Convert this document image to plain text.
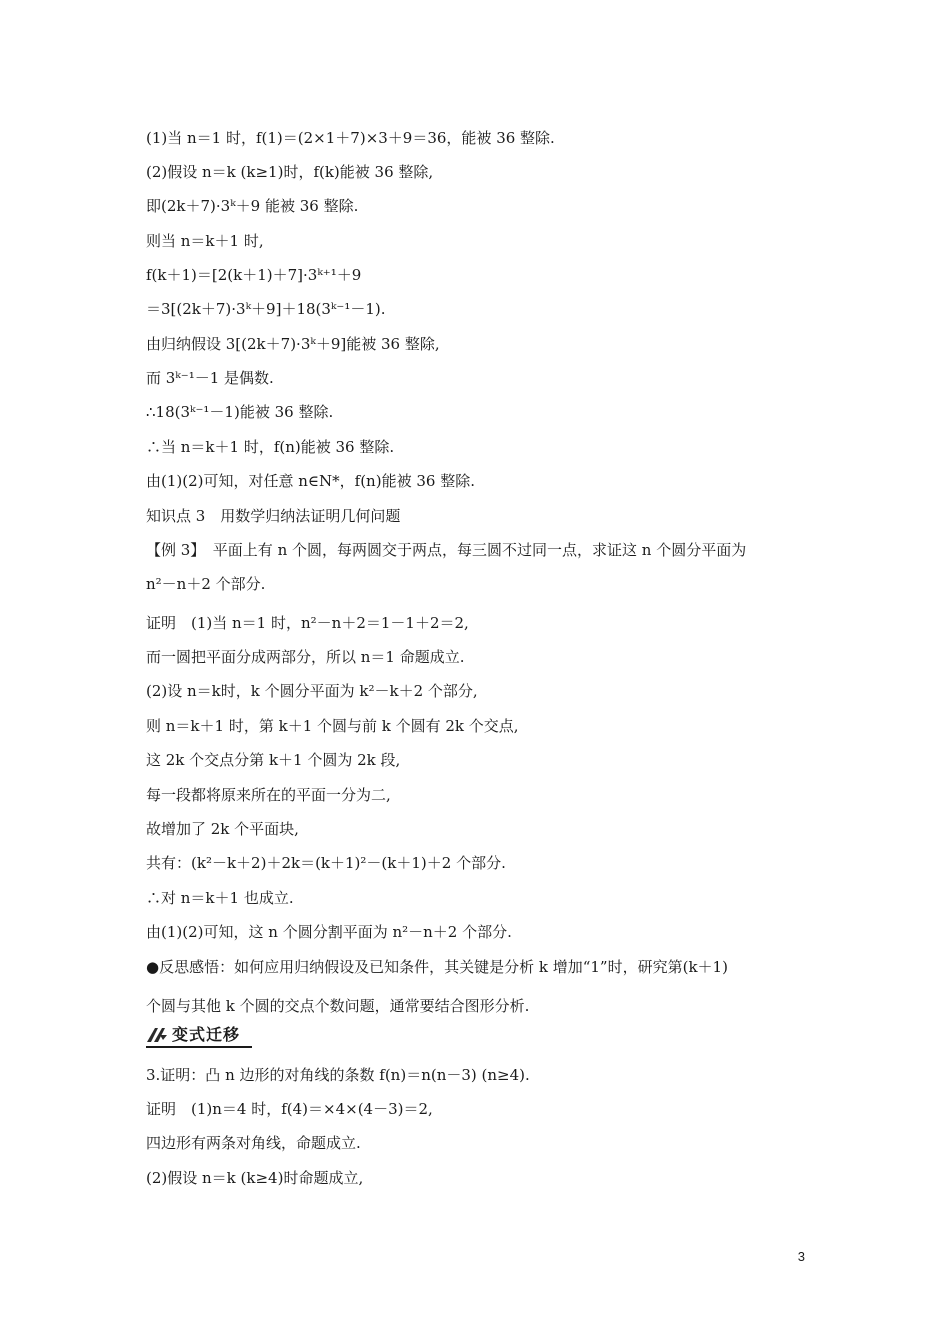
(1)当 n＝1 时，f(1)＝(2×1＋7)×3＋9＝36，能被 36 整除.
(2)假设 n＝k (k≥1)时，f(k)能被 36 整除,
即(2k＋7)·3ᵏ＋9 能被 36 整除.
则当 n＝k＋1 时,
f(k＋1)＝[2(k＋1)＋7]·3ᵏ⁺¹＋9
＝3[(2k＋7)·3ᵏ＋9]＋18(3ᵏ⁻¹－1).
由归纳假设 3[(2k＋7)·3ᵏ＋9]能被 36 整除,
而 3ᵏ⁻¹－1 是偶数.
∴18(3ᵏ⁻¹－1)能被 36 整除.
∴当 n＝k＋1 时，f(n)能被 36 整除.
由(1)(2)可知，对任意 n∈N*，f(n)能被 36 整除.
知识点 3　用数学归纳法证明几何问题
【例 3】　平面上有 n 个圆，每两圆交于两点，每三圆不过同一点，求证这 n 个圆分平面为
n²－n＋2 个部分.
证明　(1)当 n＝1 时，n²－n＋2＝1－1＋2＝2,
而一圆把平面分成两部分，所以 n＝1 命题成立.
(2)设 n＝k时，k 个圆分平面为 k²－k＋2 个部分,
则 n＝k＋1 时，第 k＋1 个圆与前 k 个圆有 2k 个交点,
这 2k 个交点分第 k＋1 个圆为 2k 段,
每一段都将原来所在的平面一分为二,
故增加了 2k 个平面块,
共有：(k²－k＋2)＋2k＝(k＋1)²－(k＋1)＋2 个部分.
∴对 n＝k＋1 也成立.
由(1)(2)可知，这 n 个圆分割平面为 n²－n＋2 个部分.
●反思感悟：如何应用归纳假设及已知条件，其关键是分析 k 增加“1”时，研究第(k＋1)
个圆与其他 k 个圆的交点个数问题，通常要结合图形分析.
变式迁移
3.证明：凸 n 边形的对角线的条数 f(n)＝n(n－3) (n≥4).
证明　(1)n＝4 时，f(4)＝×4×(4－3)＝2,
四边形有两条对角线，命题成立.
(2)假设 n＝k (k≥4)时命题成立,
3
